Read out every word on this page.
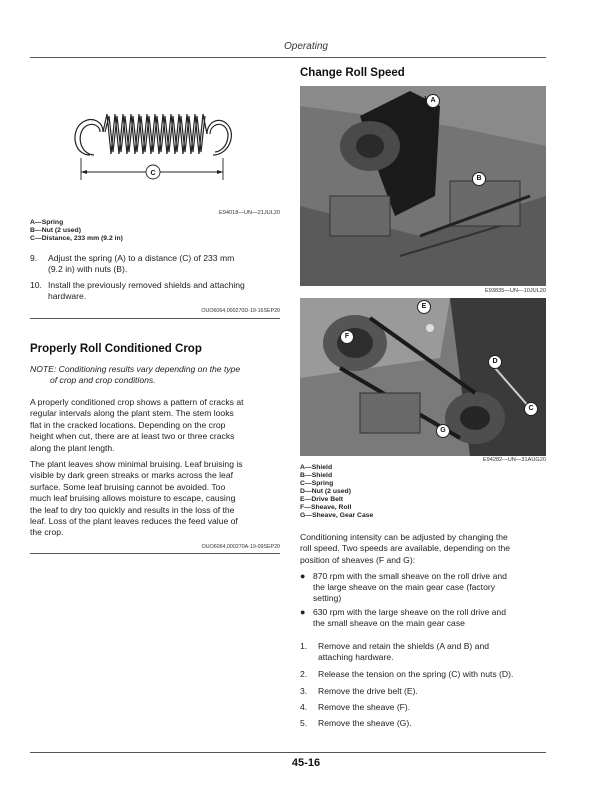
Operating
C
E94018—UN—21JUL20
A—Spring
B—Nut (2 used)
C—Distance, 233 mm (9.2 in)
9. Adjust the spring (A) to a distance (C) of 233 mm
(9.2 in) with nuts (B).
10. Install the previously removed shields and attaching
hardware.
OUO6064,000270D-19-16SEP20
Properly Roll Conditioned Crop
NOTE: Conditioning results vary depending on the type
of crop and crop conditions.
A properly conditioned crop shows a pattern of cracks at
regular intervals along the plant stem. The stem looks
flat in the cracked locations. Depending on the crop
height when cut, there are at least two or three cracks
along the plant length.
The plant leaves show minimal bruising. Leaf bruising is
visible by dark green streaks or marks across the leaf
surface. Some leaf bruising cannot be avoided. Too
much leaf bruising allows moisture to escape, causing
the leaf to dry too quickly and results in the loss of the
leaf. Loss of the plant leaves reduces the feed value of
the crop.
OUO6064,000270A-19-09SEP20
Change Roll Speed
A
B
E93835—UN—10JUL20
E
F
D
C
G
E94282—UN—31AUG20
A—Shield
B—Shield
C—Spring
D—Nut (2 used)
E—Drive Belt
F—Sheave, Roll
G—Sheave, Gear Case
Conditioning intensity can be adjusted by changing the
roll speed. Two speeds are available, depending on the
position of sheaves (F and G):
● 870 rpm with the small sheave on the roll drive and
the large sheave on the main gear case (factory
setting)
● 630 rpm with the large sheave on the roll drive and
the small sheave on the main gear case
1. Remove and retain the shields (A and B) and
attaching hardware.
2. Release the tension on the spring (C) with nuts (D).
3. Remove the drive belt (E).
4. Remove the sheave (F).
5. Remove the sheave (G).
45-16
